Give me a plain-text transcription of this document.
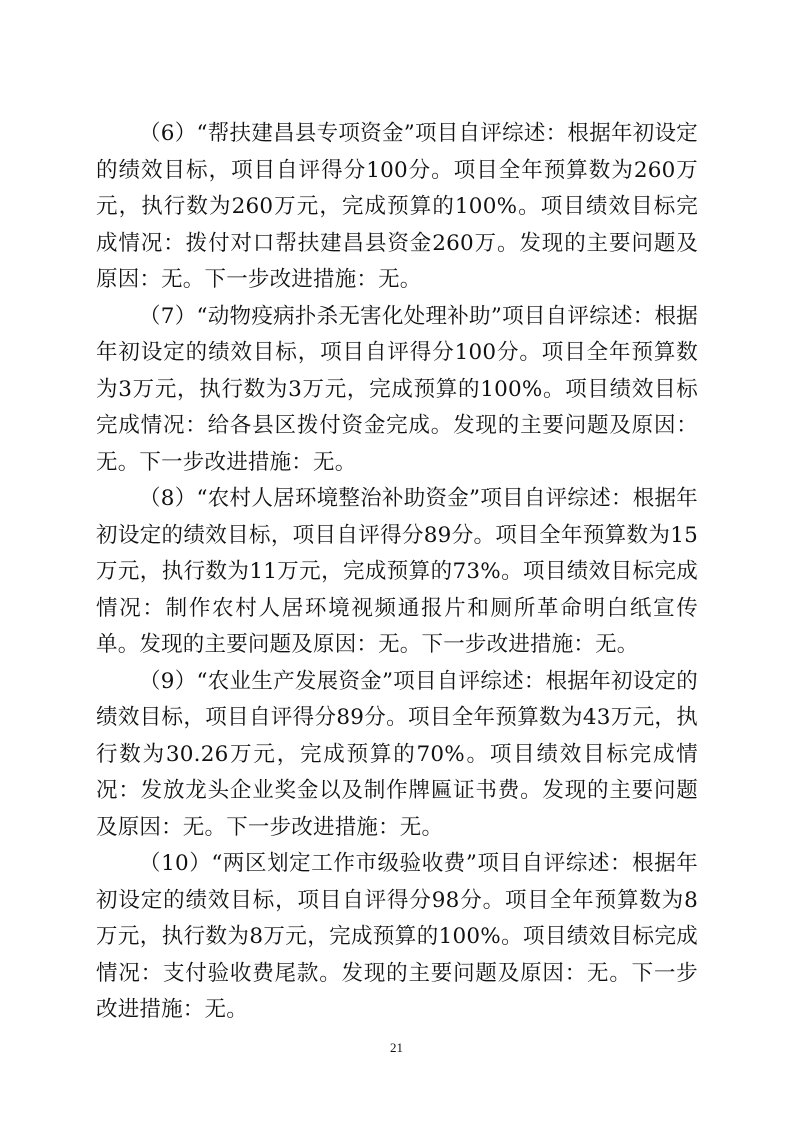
（6）“帮扶建昌县专项资金”项目自评综述：根据年初设定的绩效目标，项目自评得分100分。项目全年预算数为260万元，执行数为260万元，完成预算的100%。项目绩效目标完成情况：拨付对口帮扶建昌县资金260万。发现的主要问题及原因：无。下一步改进措施：无。

（7）“动物疫病扑杀无害化处理补助”项目自评综述：根据年初设定的绩效目标，项目自评得分100分。项目全年预算数为3万元，执行数为3万元，完成预算的100%。项目绩效目标完成情况：给各县区拨付资金完成。发现的主要问题及原因：无。下一步改进措施：无。

（8）“农村人居环境整治补助资金”项目自评综述：根据年初设定的绩效目标，项目自评得分89分。项目全年预算数为15万元，执行数为11万元，完成预算的73%。项目绩效目标完成情况：制作农村人居环境视频通报片和厕所革命明白纸宣传单。发现的主要问题及原因：无。下一步改进措施：无。

（9）“农业生产发展资金”项目自评综述：根据年初设定的绩效目标，项目自评得分89分。项目全年预算数为43万元，执行数为30.26万元，完成预算的70%。项目绩效目标完成情况：发放龙头企业奖金以及制作牌匾证书费。发现的主要问题及原因：无。下一步改进措施：无。

（10）“两区划定工作市级验收费”项目自评综述：根据年初设定的绩效目标，项目自评得分98分。项目全年预算数为8万元，执行数为8万元，完成预算的100%。项目绩效目标完成情况：支付验收费尾款。发现的主要问题及原因：无。下一步改进措施：无。

21
